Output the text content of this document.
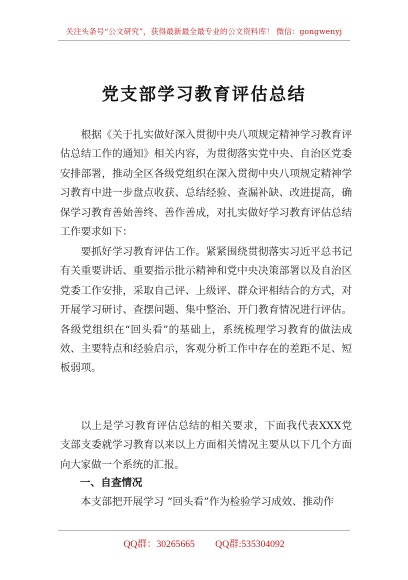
关注头条号“公文研究”，获得最新最全最专业的公文资料库！ 微信：gongwenyj
党支部学习教育评估总结

根据《关于扎实做好深入贯彻中央八项规定精神学习教育评估总结工作的通知》相关内容，为贯彻落实党中央、自治区党委安排部署，推动全区各级党组织在深入贯彻中央八项规定精神学习教育中进一步盘点收获、总结经验、查漏补缺、改进提高，确保学习教育善始善终、善作善成，对扎实做好学习教育评估总结工作要求如下：

要抓好学习教育评估工作。紧紧围绕贯彻落实习近平总书记有关重要讲话、重要指示批示精神和党中央决策部署以及自治区党委工作安排，采取自己评、上级评、群众评相结合的方式，对开展学习研讨、查摆问题、集中整治、开门教育情况进行评估。各级党组织在“回头看”的基础上，系统梳理学习教育的做法成效、主要特点和经验启示，客观分析工作中存在的差距不足、短板弱项。

以上是学习教育评估总结的相关要求，下面我代表XXX党支部支委就学习教育以来以上方面相关情况主要从以下几个方面向大家做一个系统的汇报。

一、自查情况

本支部把开展学习 ”回头看”作为检验学习成效、推动作

QQ群：30265665 QQ群:535304092
